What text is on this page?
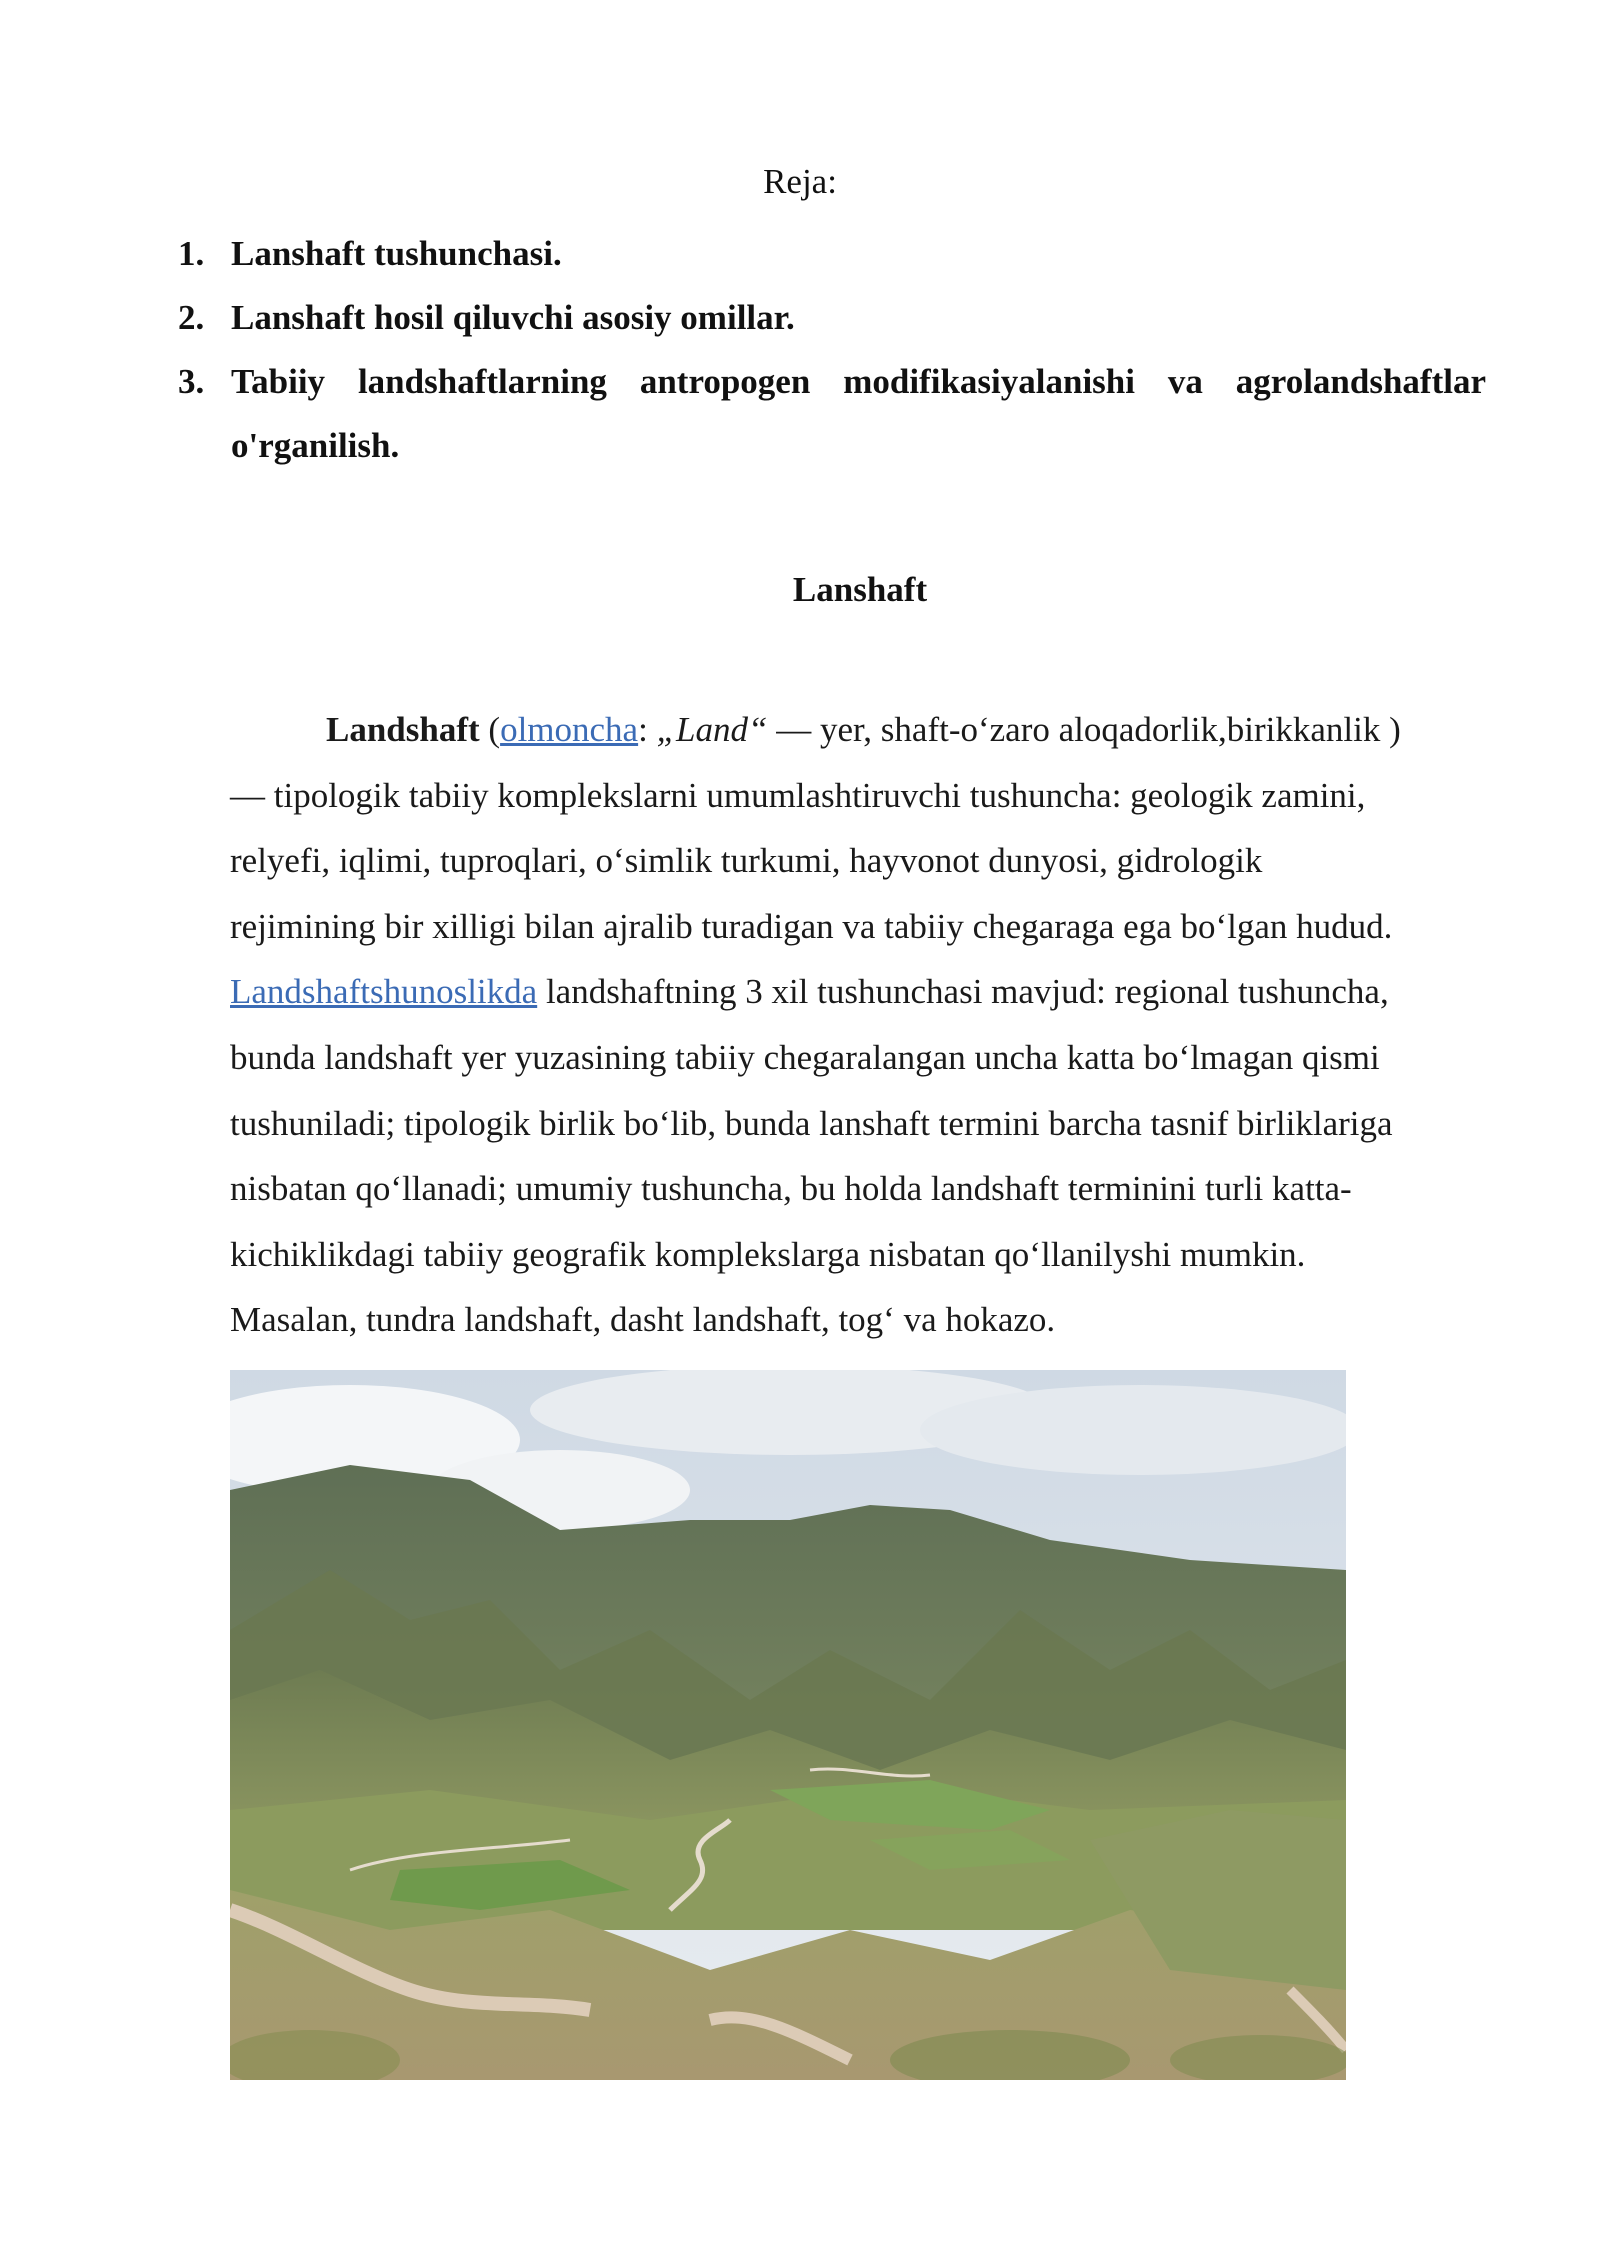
Reja:
1. Lanshaft tushunchasi.
2. Lanshaft hosil qiluvchi asosiy omillar.
3. Tabiiy landshaftlarning antropogen modifikasiyalanishi va agrolandshaftlar
o'rganilish.
Lanshaft
Landshaft (olmoncha: „Land“ — yer, shaft-o‘zaro aloqadorlik,birikkanlik )
— tipologik tabiiy komplekslarni umumlashtiruvchi tushuncha: geologik zamini,
relyefi, iqlimi, tuproqlari, o‘simlik turkumi, hayvonot dunyosi, gidrologik
rejimining bir xilligi bilan ajralib turadigan va tabiiy chegaraga ega bo‘lgan hudud.
Landshaftshunoslikda landshaftning 3 xil tushunchasi mavjud: regional tushuncha,
bunda landshaft yer yuzasining tabiiy chegaralangan uncha katta bo‘lmagan qismi
tushuniladi; tipologik birlik bo‘lib, bunda lanshaft termini barcha tasnif birliklariga
nisbatan qo‘llanadi; umumiy tushuncha, bu holda landshaft terminini turli katta-
kichiklikdagi tabiiy geografik komplekslarga nisbatan qo‘llanilyshi mumkin.
Masalan, tundra landshaft, dasht landshaft, tog‘ va hokazo.
